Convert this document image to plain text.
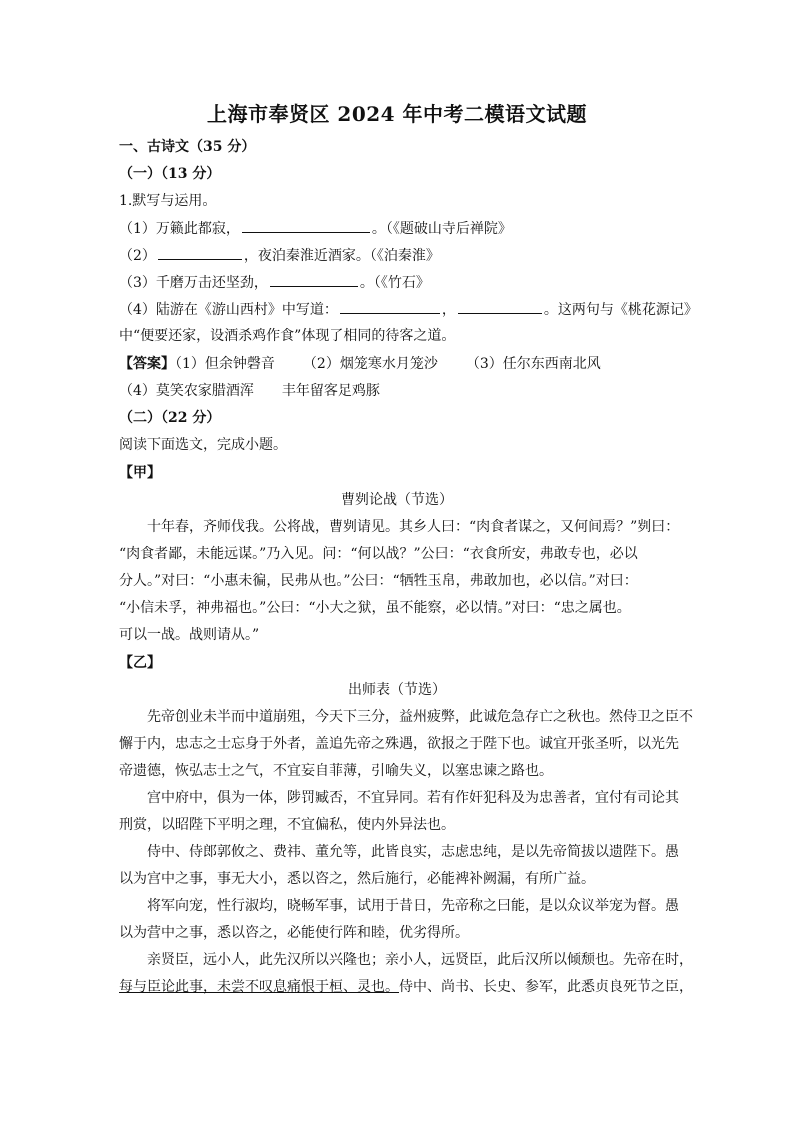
上海市奉贤区 2024 年中考二模语文试题
一、古诗文（35 分）
（一）（13 分）
1.默写与运用。
（1）万籁此都寂，	。（《题破山寺后禅院》
（2）	，夜泊秦淮近酒家。（《泊秦淮》
（3）千磨万击还坚劲，	。（《竹石》
（4）陆游在《游山西村》中写道：	，	。这两句与《桃花源记》
中“便要还家，设酒杀鸡作食”体现了相同的待客之道。
【答案】（1）但余钟磬音 （2）烟笼寒水月笼沙 （3）任尔东西南北风
（4）莫笑农家腊酒浑 丰年留客足鸡豚
（二）（22 分）
阅读下面选文，完成小题。
【甲】
曹刿论战（节选）
十年春，齐师伐我。公将战，曹刿请见。其乡人曰：“肉食者谋之，又何间焉？”刿曰：
“肉食者鄙，未能远谋。”乃入见。问：“何以战？”公曰：“衣食所安，弗敢专也，必以
分人。”对曰：“小惠未徧，民弗从也。”公曰：“牺牲玉帛，弗敢加也，必以信。”对曰：
“小信未孚，神弗福也。”公曰：“小大之狱，虽不能察，必以情。”对曰：“忠之属也。
可以一战。战则请从。”
【乙】
出师表（节选）
先帝创业未半而中道崩殂，今天下三分，益州疲弊，此诚危急存亡之秋也。然侍卫之臣不
懈于内，忠志之士忘身于外者，盖追先帝之殊遇，欲报之于陛下也。诚宜开张圣听，以光先
帝遗德，恢弘志士之气，不宜妄自菲薄，引喻失义，以塞忠谏之路也。
宫中府中，俱为一体，陟罚臧否，不宜异同。若有作奸犯科及为忠善者，宜付有司论其
刑赏，以昭陛下平明之理，不宜偏私，使内外异法也。
侍中、侍郎郭攸之、费祎、董允等，此皆良实，志虑忠纯，是以先帝简拔以遗陛下。愚
以为宫中之事，事无大小，悉以咨之，然后施行，必能裨补阙漏，有所广益。
将军向宠，性行淑均，晓畅军事，试用于昔日，先帝称之曰能，是以众议举宠为督。愚
以为营中之事，悉以咨之，必能使行阵和睦，优劣得所。
亲贤臣，远小人，此先汉所以兴隆也；亲小人，远贤臣，此后汉所以倾颓也。先帝在时，
每与臣论此事，未尝不叹息痛恨于桓、灵也。侍中、尚书、长史、参军，此悉贞良死节之臣，
